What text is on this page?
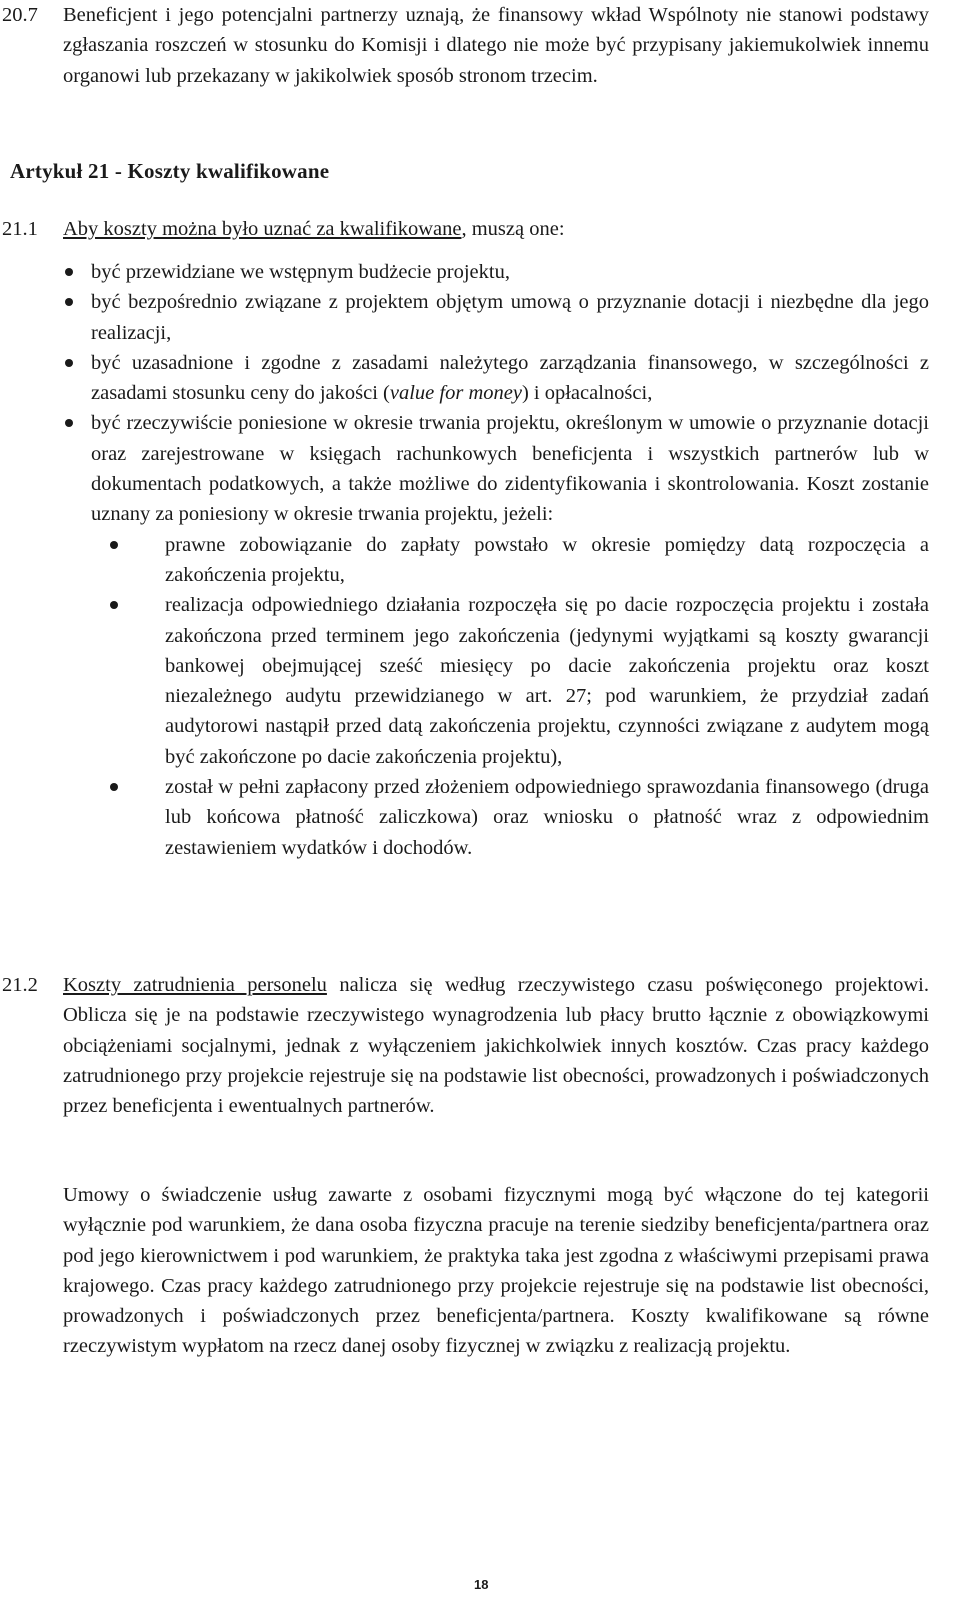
20.7 Beneficjent i jego potencjalni partnerzy uznają, że finansowy wkład Wspólnoty nie stanowi podstawy zgłaszania roszczeń w stosunku do Komisji i dlatego nie może być przypisany jakiemukolwiek innemu organowi lub przekazany w jakikolwiek sposób stronom trzecim.

Artykuł 21 - Koszty kwalifikowane

21.1 Aby koszty można było uznać za kwalifikowane, muszą one:

być przewidziane we wstępnym budżecie projektu,
być bezpośrednio związane z projektem objętym umową o przyznanie dotacji i niezbędne dla jego realizacji,
być uzasadnione i zgodne z zasadami należytego zarządzania finansowego, w szczególności z zasadami stosunku ceny do jakości (value for money) i opłacalności,
być rzeczywiście poniesione w okresie trwania projektu, określonym w umowie o przyznanie dotacji oraz zarejestrowane w księgach rachunkowych beneficjenta i wszystkich partnerów lub w dokumentach podatkowych, a także możliwe do zidentyfikowania i skontrolowania. Koszt zostanie uznany za poniesiony w okresie trwania projektu, jeżeli:
prawne zobowiązanie do zapłaty powstało w okresie pomiędzy datą rozpoczęcia a zakończenia projektu,
realizacja odpowiedniego działania rozpoczęła się po dacie rozpoczęcia projektu i została zakończona przed terminem jego zakończenia (jedynymi wyjątkami są koszty gwarancji bankowej obejmującej sześć miesięcy po dacie zakończenia projektu oraz koszt niezależnego audytu przewidzianego w art. 27; pod warunkiem, że przydział zadań audytorowi nastąpił przed datą zakończenia projektu, czynności związane z audytem mogą być zakończone po dacie zakończenia projektu),
został w pełni zapłacony przed złożeniem odpowiedniego sprawozdania finansowego (druga lub końcowa płatność zaliczkowa) oraz wniosku o płatność wraz z odpowiednim zestawieniem wydatków i dochodów.

21.2 Koszty zatrudnienia personelu nalicza się według rzeczywistego czasu poświęconego projektowi. Oblicza się je na podstawie rzeczywistego wynagrodzenia lub płacy brutto łącznie z obowiązkowymi obciążeniami socjalnymi, jednak z wyłączeniem jakichkolwiek innych kosztów. Czas pracy każdego zatrudnionego przy projekcie rejestruje się na podstawie list obecności, prowadzonych i poświadczonych przez beneficjenta i ewentualnych partnerów.

Umowy o świadczenie usług zawarte z osobami fizycznymi mogą być włączone do tej kategorii wyłącznie pod warunkiem, że dana osoba fizyczna pracuje na terenie siedziby beneficjenta/partnera oraz pod jego kierownictwem i pod warunkiem, że praktyka taka jest zgodna z właściwymi przepisami prawa krajowego. Czas pracy każdego zatrudnionego przy projekcie rejestruje się na podstawie list obecności, prowadzonych i poświadczonych przez beneficjenta/partnera. Koszty kwalifikowane są równe rzeczywistym wypłatom na rzecz danej osoby fizycznej w związku z realizacją projektu.

18
